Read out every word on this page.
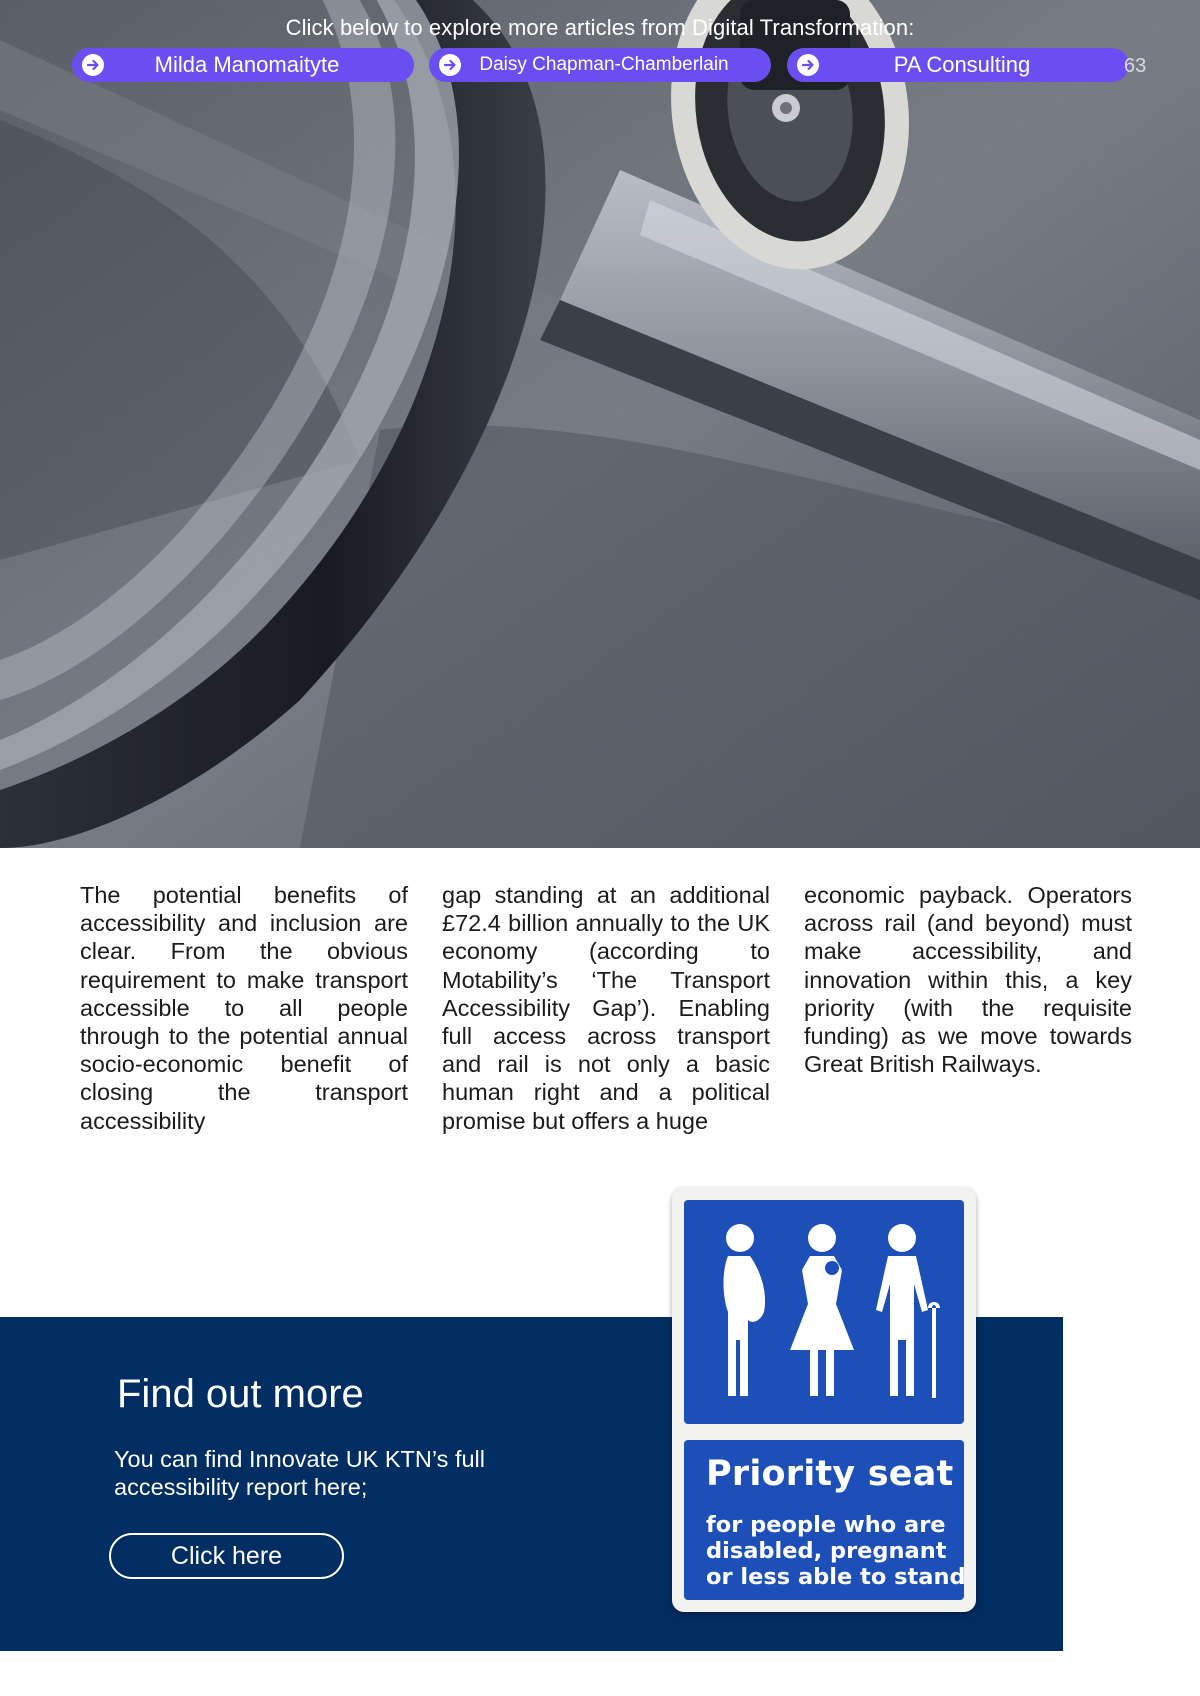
Click below to explore more articles from Digital Transformation:
Milda Manomaityte	Daisy Chapman-Chamberlain	PA Consulting	63
The potential benefits of accessibility and inclusion are clear. From the obvious requirement to make transport accessible to all people through to the potential annual socio-economic benefit of closing the transport accessibility
gap standing at an additional £72.4 billion annually to the UK economy (according to Motability’s ‘The Transport Accessibility Gap’). Enabling full access across transport and rail is not only a basic human right and a political promise but offers a huge
economic payback. Operators across rail (and beyond) must make accessibility, and innovation within this, a key priority (with the requisite funding) as we move towards Great British Railways.
Find out more
You can find Innovate UK KTN’s full accessibility report here;
Click here
Priority seat
for people who are disabled, pregnant or less able to stand
